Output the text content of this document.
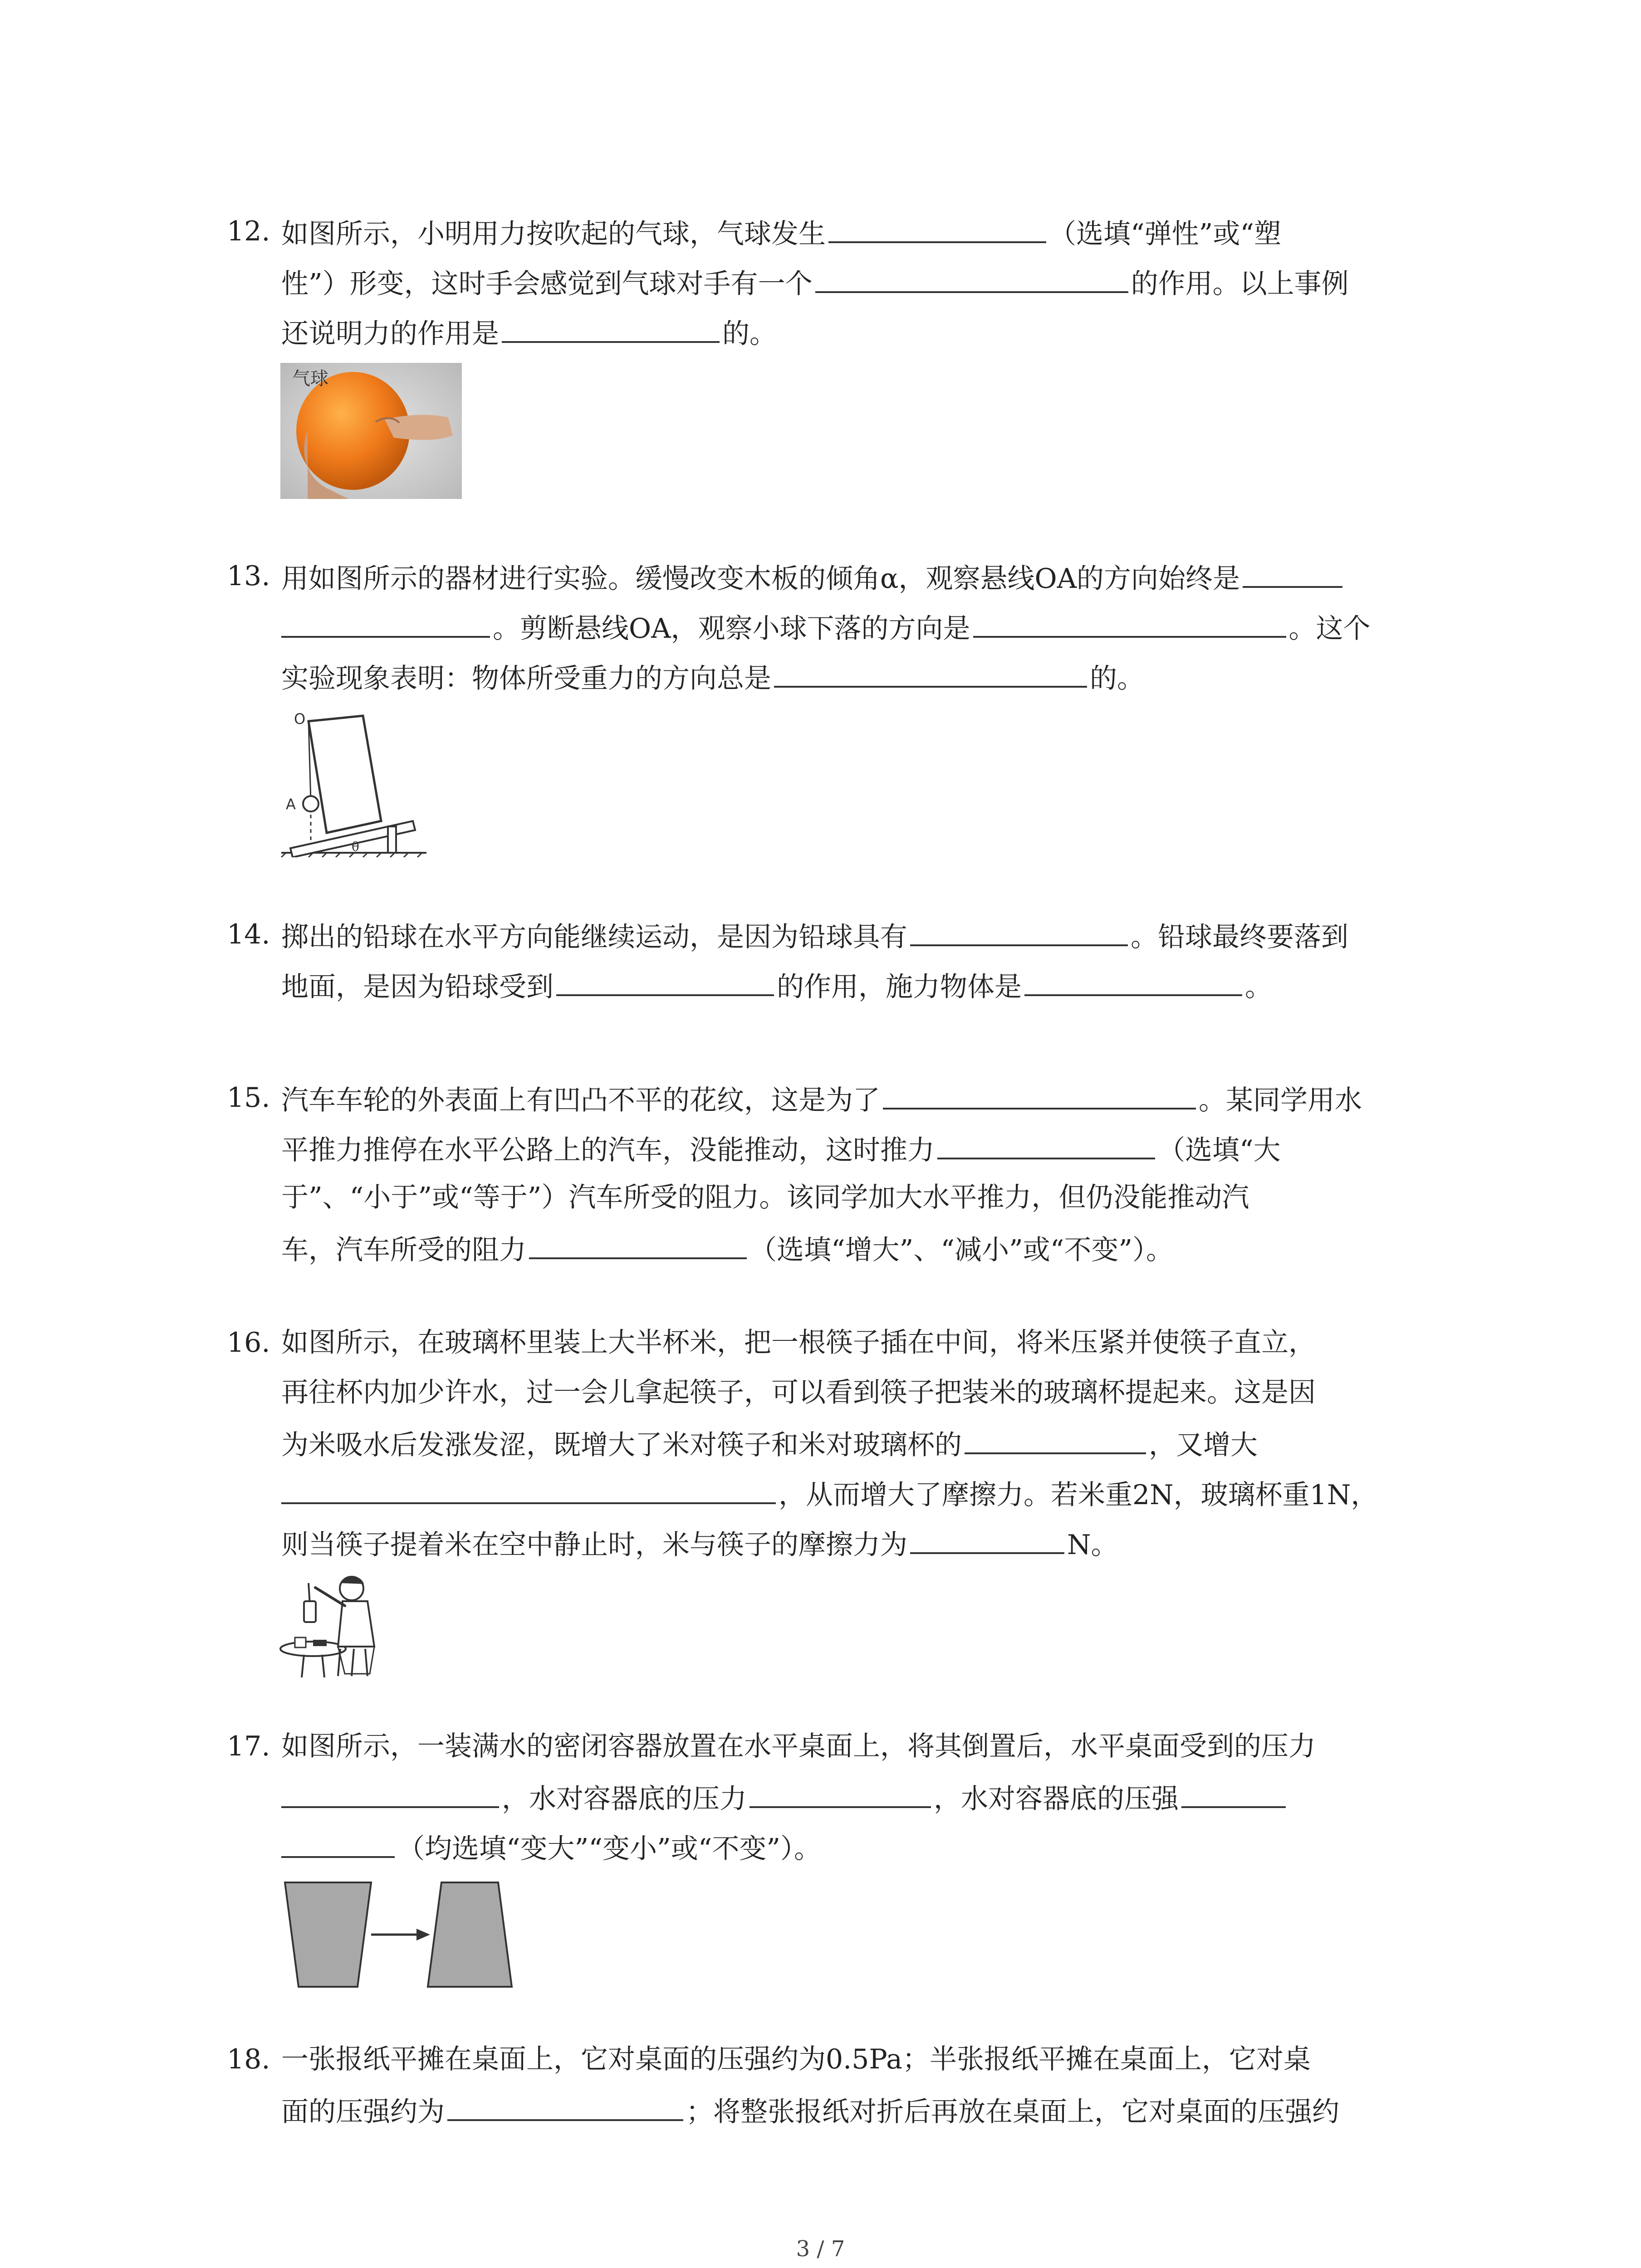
12. 如图所示，小明用力按吹起的气球，气球发生	（选填“弹性”或“塑
性”）形变，这时手会感觉到气球对手有一个	的作用。以上事例
还说明力的作用是	的。
气球
13. 用如图所示的器材进行实验。缓慢改变木板的倾角α，观察悬线OA的方向始终是
。剪断悬线OA，观察小球下落的方向是	。这个
实验现象表明：物体所受重力的方向总是	的。
O
A
θ
14. 掷出的铅球在水平方向能继续运动，是因为铅球具有	。铅球最终要落到
地面，是因为铅球受到	的作用，施力物体是	。
15. 汽车车轮的外表面上有凹凸不平的花纹，这是为了	。某同学用水
平推力推停在水平公路上的汽车，没能推动，这时推力	（选填“大
于”、“小于”或“等于”）汽车所受的阻力。该同学加大水平推力，但仍没能推动汽
车，汽车所受的阻力	（选填“增大”、“减小”或“不变”）。
16. 如图所示，在玻璃杯里装上大半杯米，把一根筷子插在中间，将米压紧并使筷子直立，
再往杯内加少许水，过一会儿拿起筷子，可以看到筷子把装米的玻璃杯提起来。这是因
为米吸水后发涨发涩，既增大了米对筷子和米对玻璃杯的	，又增大
，从而增大了摩擦力。若米重2N，玻璃杯重1N，
则当筷子提着米在空中静止时，米与筷子的摩擦力为	N。
17. 如图所示，一装满水的密闭容器放置在水平桌面上，将其倒置后，水平桌面受到的压力
，水对容器底的压力	，水对容器底的压强
（均选填“变大”“变小”或“不变”）。
18. 一张报纸平摊在桌面上，它对桌面的压强约为0.5Pa；半张报纸平摊在桌面上，它对桌
面的压强约为	；将整张报纸对折后再放在桌面上，它对桌面的压强约
3 / 7
